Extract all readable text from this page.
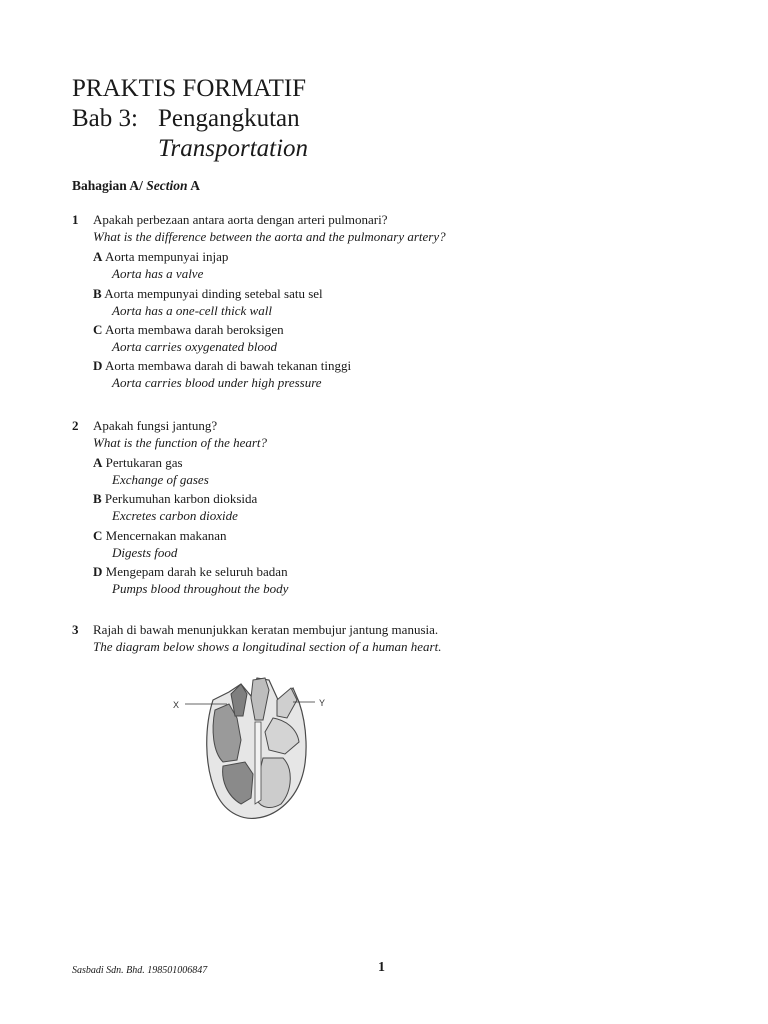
PRAKTIS FORMATIF
Bab 3: Pengangkutan
Transportation
Bahagian A/ Section A
1 Apakah perbezaan antara aorta dengan arteri pulmonari?
What is the difference between the aorta and the pulmonary artery?
A Aorta mempunyai injap
Aorta has a valve
B Aorta mempunyai dinding setebal satu sel
Aorta has a one-cell thick wall
C Aorta membawa darah beroksigen
Aorta carries oxygenated blood
D Aorta membawa darah di bawah tekanan tinggi
Aorta carries blood under high pressure
2 Apakah fungsi jantung?
What is the function of the heart?
A Pertukaran gas
Exchange of gases
B Perkumuhan karbon dioksida
Excretes carbon dioxide
C Mencernakan makanan
Digests food
D Mengepam darah ke seluruh badan
Pumps blood throughout the body
3 Rajah di bawah menunjukkan keratan membujur jantung manusia.
The diagram below shows a longitudinal section of a human heart.
X	Y
Sasbadi Sdn. Bhd. 198501006847	1
